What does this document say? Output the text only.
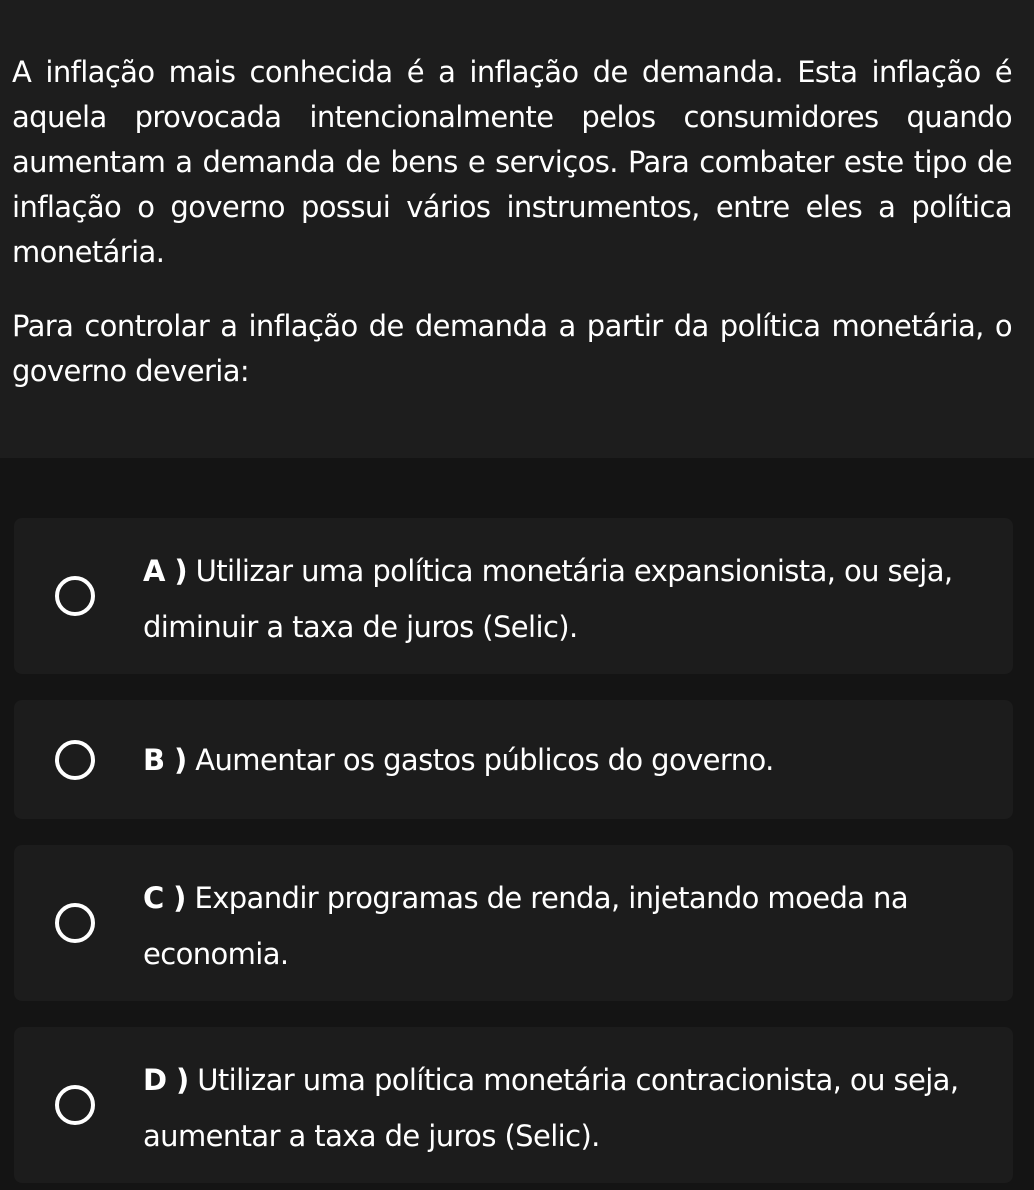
A inflação mais conhecida é a inflação de demanda. Esta inflação é aquela provocada intencionalmente pelos consumidores quando aumentam a demanda de bens e serviços. Para combater este tipo de inflação o governo possui vários instrumentos, entre eles a política monetária.

Para controlar a inflação de demanda a partir da política monetária, o governo deveria:

A ) Utilizar uma política monetária expansionista, ou seja, diminuir a taxa de juros (Selic).
B ) Aumentar os gastos públicos do governo.
C ) Expandir programas de renda, injetando moeda na economia.
D ) Utilizar uma política monetária contracionista, ou seja, aumentar a taxa de juros (Selic).
